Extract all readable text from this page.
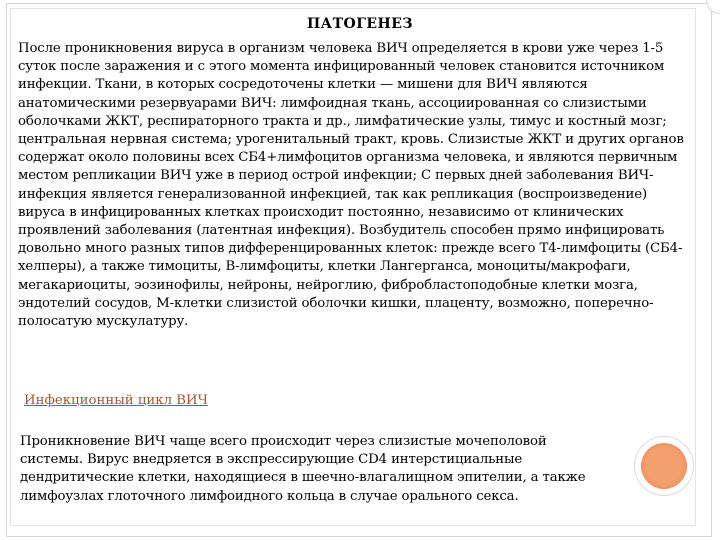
ПАТОГЕНЕЗ

После проникновения вируса в организм человека ВИЧ определяется в крови уже через 1-5 суток после заражения и с этого момента инфицированный человек становится источником инфекции. Ткани, в которых сосредоточены клетки — мишени для ВИЧ являются анатомическими резервуарами ВИЧ: лимфоидная ткань, ассоциированная со слизистыми оболочками ЖКТ, респираторного тракта и др., лимфатические узлы, тимус и костный мозг; центральная нервная система; урогенитальный тракт, кровь. Слизистые ЖКТ и других органов содержат около половины всех CБ4+лимфоцитов организма человека, и являются первичным местом репликации ВИЧ уже в период острой инфекции; С первых дней заболевания ВИЧ-инфекция является генерализованной инфекцией, так как репликация (воспроизведение) вируса в инфицированных клетках происходит постоянно, независимо от клинических проявлений заболевания (латентная инфекция). Возбудитель способен прямо инфицировать довольно много разных типов дифференцированных клеток: прежде всего Т4-лимфоциты (CБ4-хелперы), а также тимоциты, В-лимфоциты, клетки Лангерганса, моноциты/макрофаги, мегакариоциты, эозинофилы, нейроны, нейроглию, фибробластоподобные клетки мозга, эндотелий сосудов, М-клетки слизистой оболочки кишки, плаценту, возможно, поперечно-полосатую мускулатуру.

Инфекционный цикл ВИЧ

Проникновение ВИЧ чаще всего происходит через слизистые мочеполовой системы. Вирус внедряется в экспрессирующие CD4 интерстициальные дендритические клетки, находящиеся в шеечно-влагалищном эпителии, а также лимфоузлах глоточного лимфоидного кольца в случае орального секса.
